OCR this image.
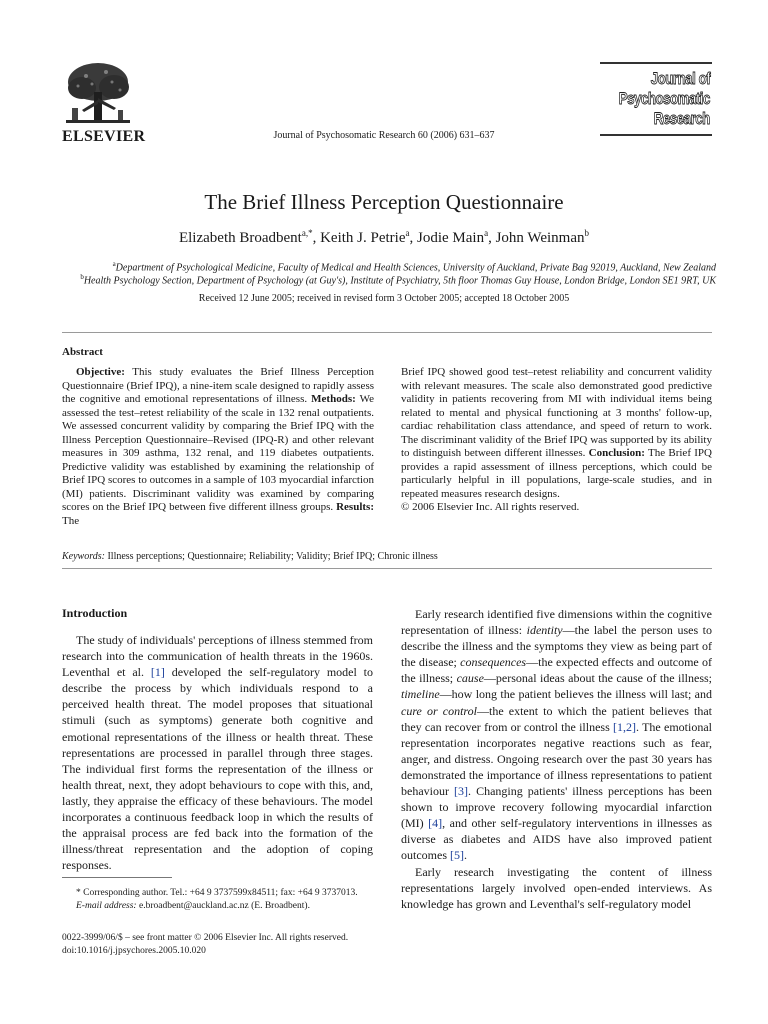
ELSEVIER	Journal of Psychosomatic Research 60 (2006) 631–637
Journal of
Psychosomatic
Research
The Brief Illness Perception Questionnaire
Elizabeth Broadbent$^{a,*}$, Keith J. Petrie$^a$, Jodie Main$^a$, John Weinman$^b$
$^a$Department of Psychological Medicine, Faculty of Medical and Health Sciences, University of Auckland, Private Bag 92019, Auckland, New Zealand
$^b$Health Psychology Section, Department of Psychology (at Guy's), Institute of Psychiatry, 5th floor Thomas Guy House, London Bridge, London SE1 9RT, UK
Received 12 June 2005; received in revised form 3 October 2005; accepted 18 October 2005
Abstract
Objective: This study evaluates the Brief Illness Perception Questionnaire (Brief IPQ), a nine-item scale designed to rapidly assess the cognitive and emotional representations of illness. Methods: We assessed the test–retest reliability of the scale in 132 renal outpatients. We assessed concurrent validity by comparing the Brief IPQ with the Illness Perception Questionnaire–Revised (IPQ-R) and other relevant measures in 309 asthma, 132 renal, and 119 diabetes outpatients. Predictive validity was established by examining the relationship of Brief IPQ scores to outcomes in a sample of 103 myocardial infarction (MI) patients. Discriminant validity was examined by comparing scores on the Brief IPQ between five different illness groups. Results: The
Brief IPQ showed good test–retest reliability and concurrent validity with relevant measures. The scale also demonstrated good predictive validity in patients recovering from MI with individual items being related to mental and physical functioning at 3 months' follow-up, cardiac rehabilitation class attendance, and speed of return to work. The discriminant validity of the Brief IPQ was supported by its ability to distinguish between different illnesses. Conclusion: The Brief IPQ provides a rapid assessment of illness perceptions, which could be particularly helpful in ill populations, large-scale studies, and in repeated measures research designs.
© 2006 Elsevier Inc. All rights reserved.
Keywords: Illness perceptions; Questionnaire; Reliability; Validity; Brief IPQ; Chronic illness
Introduction
The study of individuals' perceptions of illness stemmed from research into the communication of health threats in the 1960s. Leventhal et al. [1] developed the self-regulatory model to describe the process by which individuals respond to a perceived health threat. The model proposes that situational stimuli (such as symptoms) generate both cognitive and emotional representations of the illness or health threat. These representations are processed in parallel through three stages. The individual first forms the representation of the illness or health threat, next, they adopt behaviours to cope with this, and, lastly, they appraise the efficacy of these behaviours. The model incorporates a continuous feedback loop in which the results of the appraisal process are fed back into the formation of the illness/threat representation and the adoption of coping responses.

Early research identified five dimensions within the cognitive representation of illness: identity—the label the person uses to describe the illness and the symptoms they view as being part of the disease; consequences—the expected effects and outcome of the illness; cause—personal ideas about the cause of the illness; timeline—how long the patient believes the illness will last; and cure or control—the extent to which the patient believes that they can recover from or control the illness [1,2]. The emotional representation incorporates negative reactions such as fear, anger, and distress. Ongoing research over the past 30 years has demonstrated the importance of illness representations to patient behaviour [3]. Changing patients' illness perceptions has been shown to improve recovery following myocardial infarction (MI) [4], and other self-regulatory interventions in illnesses as diverse as diabetes and AIDS have also improved patient outcomes [5].

Early research investigating the content of illness representations largely involved open-ended interviews. As knowledge has grown and Leventhal's self-regulatory model

* Corresponding author. Tel.: +64 9 3737599x84511; fax: +64 9 3737013.
E-mail address: e.broadbent@auckland.ac.nz (E. Broadbent).
0022-3999/06/$ – see front matter © 2006 Elsevier Inc. All rights reserved.
doi:10.1016/j.jpsychores.2005.10.020
